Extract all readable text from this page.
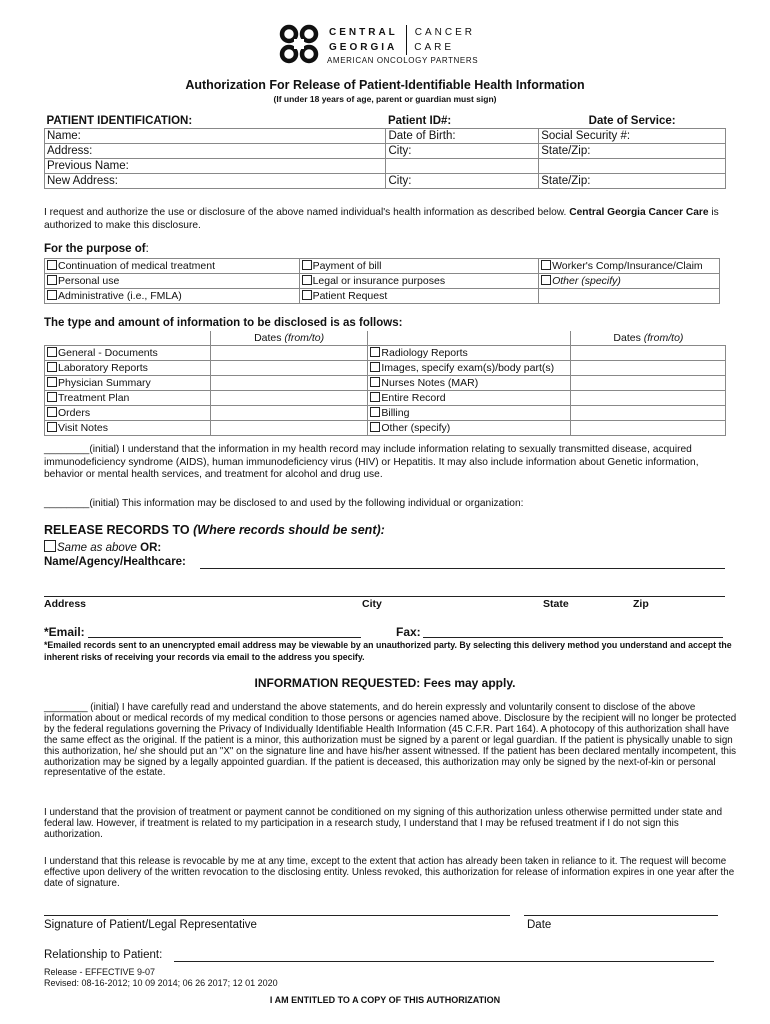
CENTRAL CANCER
GEORGIA CARE
AMERICAN ONCOLOGY PARTNERS
Authorization For Release of Patient-Identifiable Health Information
(If under 18 years of age, parent or guardian must sign)
PATIENT IDENTIFICATION:	Patient ID#:	Date of Service:
Name:	Date of Birth:	Social Security #:
Address:	City:	State/Zip:
Previous Name:		
New Address:	City:	State/Zip:
I request and authorize the use or disclosure of the above named individual's health information as described below. Central Georgia Cancer Care is authorized to make this disclosure.
For the purpose of:
Continuation of medical treatment	Payment of bill	Worker's Comp/Insurance/Claim
Personal use	Legal or insurance purposes	Other (specify)
Administrative (i.e., FMLA)	Patient Request	
The type and amount of information to be disclosed is as follows:
	Dates (from/to)		Dates (from/to)
General - Documents		Radiology Reports	
Laboratory Reports		Images, specify exam(s)/body part(s)	
Physician Summary		Nurses Notes (MAR)	
Treatment Plan		Entire Record	
Orders		Billing	
Visit Notes		Other (specify)	
________(initial) I understand that the information in my health record may include information relating to sexually transmitted disease, acquired immunodeficiency syndrome (AIDS), human immunodeficiency virus (HIV) or Hepatitis. It may also include information about Genetic information, behavior or mental health services, and treatment for alcohol and drug use.
________(initial) This information may be disclosed to and used by the following individual or organization:
RELEASE RECORDS TO (Where records should be sent):
Same as above OR:
Name/Agency/Healthcare:
Address	City	State	Zip
*Email:	Fax:
*Emailed records sent to an unencrypted email address may be viewable by an unauthorized party. By selecting this delivery method you understand and accept the inherent risks of receiving your records via email to the address you specify.
INFORMATION REQUESTED: Fees may apply.
________ (initial) I have carefully read and understand the above statements, and do herein expressly and voluntarily consent to disclose of the above information about or medical records of my medical condition to those persons or agencies named above. Disclosure by the recipient will no longer be protected by the federal regulations governing the Privacy of Individually Identifiable Health Information (45 C.F.R. Part 164). A photocopy of this authorization shall have the same effect as the original. If the patient is a minor, this authorization must be signed by a parent or legal guardian. If the patient is physically unable to sign this authorization, he/ she should put an "X" on the signature line and have his/her assent witnessed. If the patient has been declared mentally incompetent, this authorization may be signed by a legally appointed guardian. If the patient is deceased, this authorization may only be signed by the next-of-kin or personal representative of the estate.
I understand that the provision of treatment or payment cannot be conditioned on my signing of this authorization unless otherwise permitted under state and federal law. However, if treatment is related to my participation in a research study, I understand that I may be refused treatment if I do not sign this authorization.
I understand that this release is revocable by me at any time, except to the extent that action has already been taken in reliance to it. The request will become effective upon delivery of the written revocation to the disclosing entity. Unless revoked, this authorization for release of information expires in one year after the date of signature.
Signature of Patient/Legal Representative	Date
Relationship to Patient:
Release - EFFECTIVE 9-07
Revised: 08-16-2012; 10 09 2014; 06 26 2017; 12 01 2020
I AM ENTITLED TO A COPY OF THIS AUTHORIZATION
